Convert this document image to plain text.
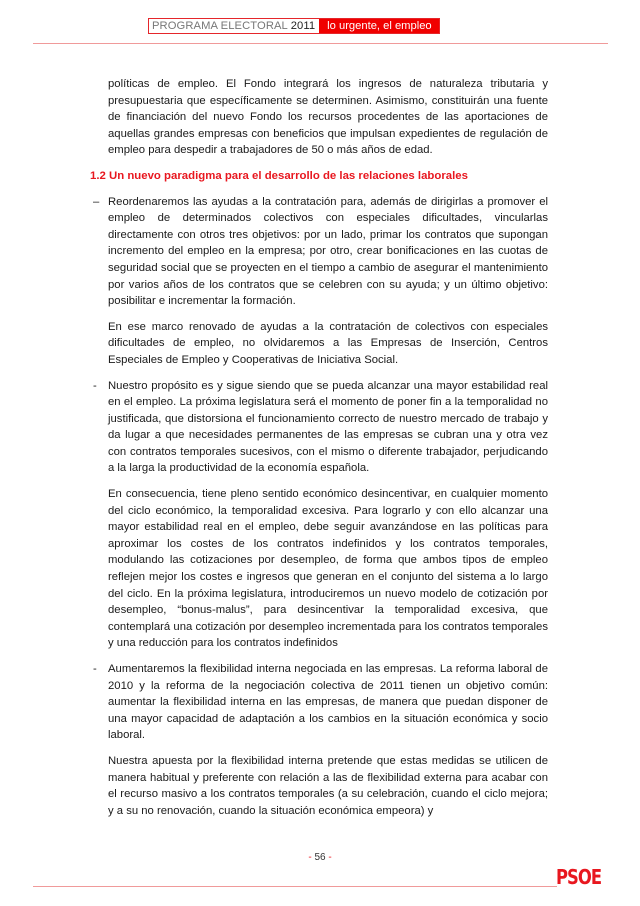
PROGRAMA ELECTORAL 2011	lo urgente, el empleo

políticas de empleo. El Fondo integrará los ingresos de naturaleza tributaria y presupuestaria que específicamente se determinen. Asimismo, constituirán una fuente de financiación del nuevo Fondo los recursos procedentes de las aportaciones de aquellas grandes empresas con beneficios que impulsan expedientes de regulación de empleo para despedir a trabajadores de 50 o más años de edad.

1.2 Un nuevo paradigma para el desarrollo de las relaciones laborales
– Reordenaremos las ayudas a la contratación para, además de dirigirlas a promover el empleo de determinados colectivos con especiales dificultades, vincularlas directamente con otros tres objetivos: por un lado, primar los contratos que supongan incremento del empleo en la empresa; por otro, crear bonificaciones en las cuotas de seguridad social que se proyecten en el tiempo a cambio de asegurar el mantenimiento por varios años de los contratos que se celebren con su ayuda; y un último objetivo: posibilitar e incrementar la formación.

En ese marco renovado de ayudas a la contratación de colectivos con especiales dificultades de empleo, no olvidaremos a las Empresas de Inserción, Centros Especiales de Empleo y Cooperativas de Iniciativa Social.

- Nuestro propósito es y sigue siendo que se pueda alcanzar una mayor estabilidad real en el empleo. La próxima legislatura será el momento de poner fin a la temporalidad no justificada, que distorsiona el funcionamiento correcto de nuestro mercado de trabajo y da lugar a que necesidades permanentes de las empresas se cubran una y otra vez con contratos temporales sucesivos, con el mismo o diferente trabajador, perjudicando a la larga la productividad de la economía española.

En consecuencia, tiene pleno sentido económico desincentivar, en cualquier momento del ciclo económico, la temporalidad excesiva. Para lograrlo y con ello alcanzar una mayor estabilidad real en el empleo, debe seguir avanzándose en las políticas para aproximar los costes de los contratos indefinidos y los contratos temporales, modulando las cotizaciones por desempleo, de forma que ambos tipos de empleo reflejen mejor los costes e ingresos que generan en el conjunto del sistema a lo largo del ciclo. En la próxima legislatura, introduciremos un nuevo modelo de cotización por desempleo, “bonus-malus”, para desincentivar la temporalidad excesiva, que contemplará una cotización por desempleo incrementada para los contratos temporales y una reducción para los contratos indefinidos

- Aumentaremos la flexibilidad interna negociada en las empresas. La reforma laboral de 2010 y la reforma de la negociación colectiva de 2011 tienen un objetivo común: aumentar la flexibilidad interna en las empresas, de manera que puedan disponer de una mayor capacidad de adaptación a los cambios en la situación económica y socio laboral.

Nuestra apuesta por la flexibilidad interna pretende que estas medidas se utilicen de manera habitual y preferente con relación a las de flexibilidad externa para acabar con el recurso masivo a los contratos temporales (a su celebración, cuando el ciclo mejora; y a su no renovación, cuando la situación económica empeora) y

- 56 -
PSOE
